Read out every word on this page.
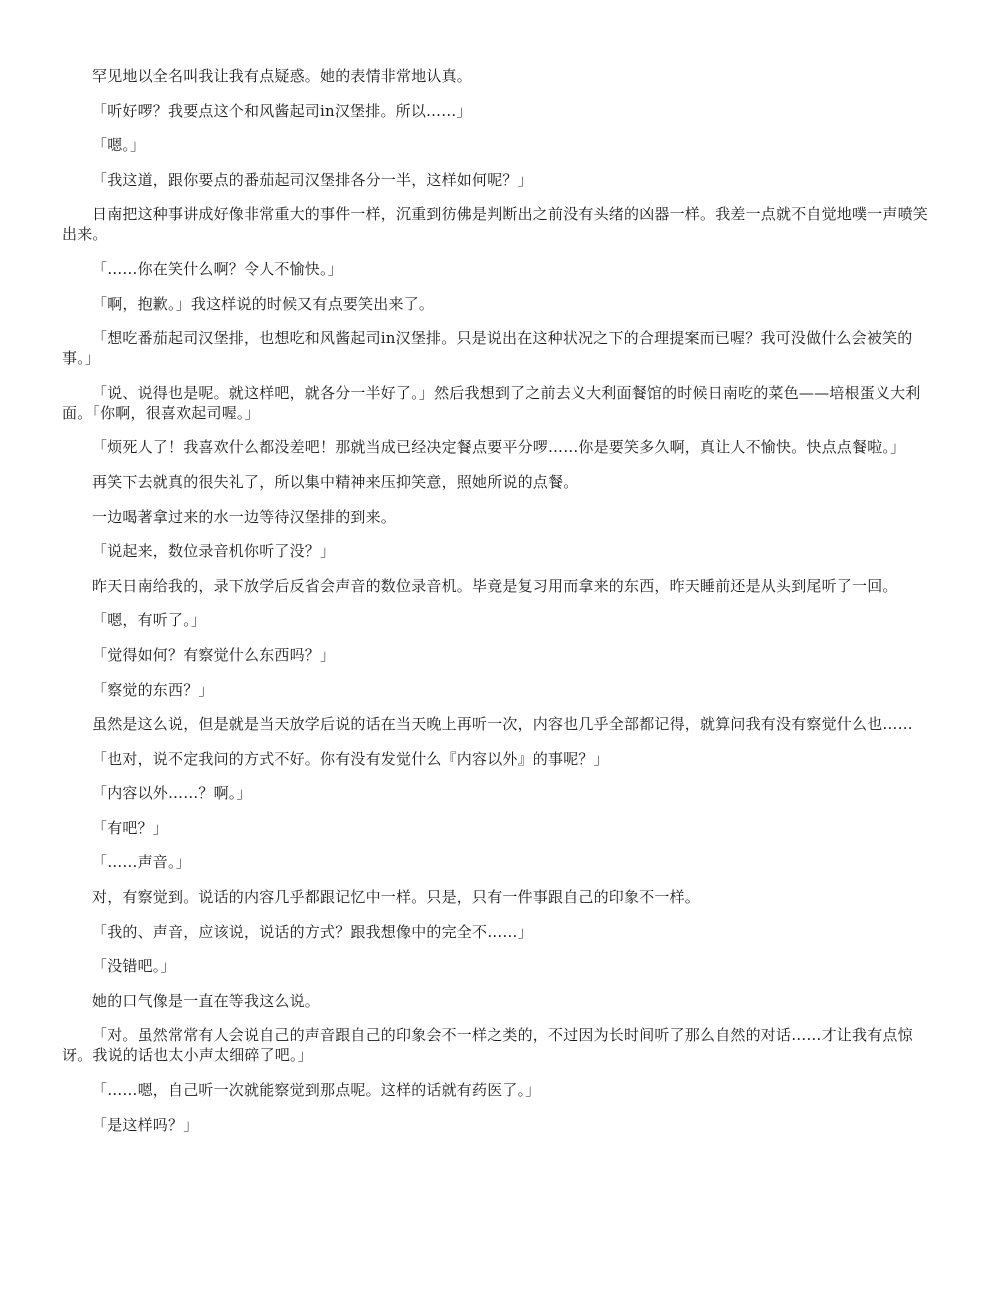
罕见地以全名叫我让我有点疑惑。她的表情非常地认真。

「听好啰？我要点这个和风酱起司in汉堡排。所以……」

「嗯。」

「我这道，跟你要点的番茄起司汉堡排各分一半，这样如何呢？」

日南把这种事讲成好像非常重大的事件一样，沉重到彷佛是判断出之前没有头绪的凶器一样。我差一点就不自觉地噗一声喷笑出来。

「……你在笑什么啊？令人不愉快。」

「啊，抱歉。」我这样说的时候又有点要笑出来了。

「想吃番茄起司汉堡排，也想吃和风酱起司in汉堡排。只是说出在这种状况之下的合理提案而已喔？我可没做什么会被笑的事。」

「说、说得也是呢。就这样吧，就各分一半好了。」然后我想到了之前去义大利面餐馆的时候日南吃的菜色——培根蛋义大利面。「你啊，很喜欢起司喔。」

「烦死人了！我喜欢什么都没差吧！那就当成已经决定餐点要平分啰……你是要笑多久啊，真让人不愉快。快点点餐啦。」

再笑下去就真的很失礼了，所以集中精神来压抑笑意，照她所说的点餐。

一边喝著拿过来的水一边等待汉堡排的到来。

「说起来，数位录音机你听了没？」

昨天日南给我的，录下放学后反省会声音的数位录音机。毕竟是复习用而拿来的东西，昨天睡前还是从头到尾听了一回。

「嗯，有听了。」

「觉得如何？有察觉什么东西吗？」

「察觉的东西？」

虽然是这么说，但是就是当天放学后说的话在当天晚上再听一次，内容也几乎全部都记得，就算问我有没有察觉什么也……

「也对，说不定我问的方式不好。你有没有发觉什么『内容以外』的事呢？」

「内容以外……？啊。」

「有吧？」

「……声音。」

对，有察觉到。说话的内容几乎都跟记忆中一样。只是，只有一件事跟自己的印象不一样。

「我的、声音，应该说，说话的方式？跟我想像中的完全不……」

「没错吧。」

她的口气像是一直在等我这么说。

「对。虽然常常有人会说自己的声音跟自己的印象会不一样之类的，不过因为长时间听了那么自然的对话……才让我有点惊讶。我说的话也太小声太细碎了吧。」

「……嗯，自己听一次就能察觉到那点呢。这样的话就有药医了。」

「是这样吗？」
